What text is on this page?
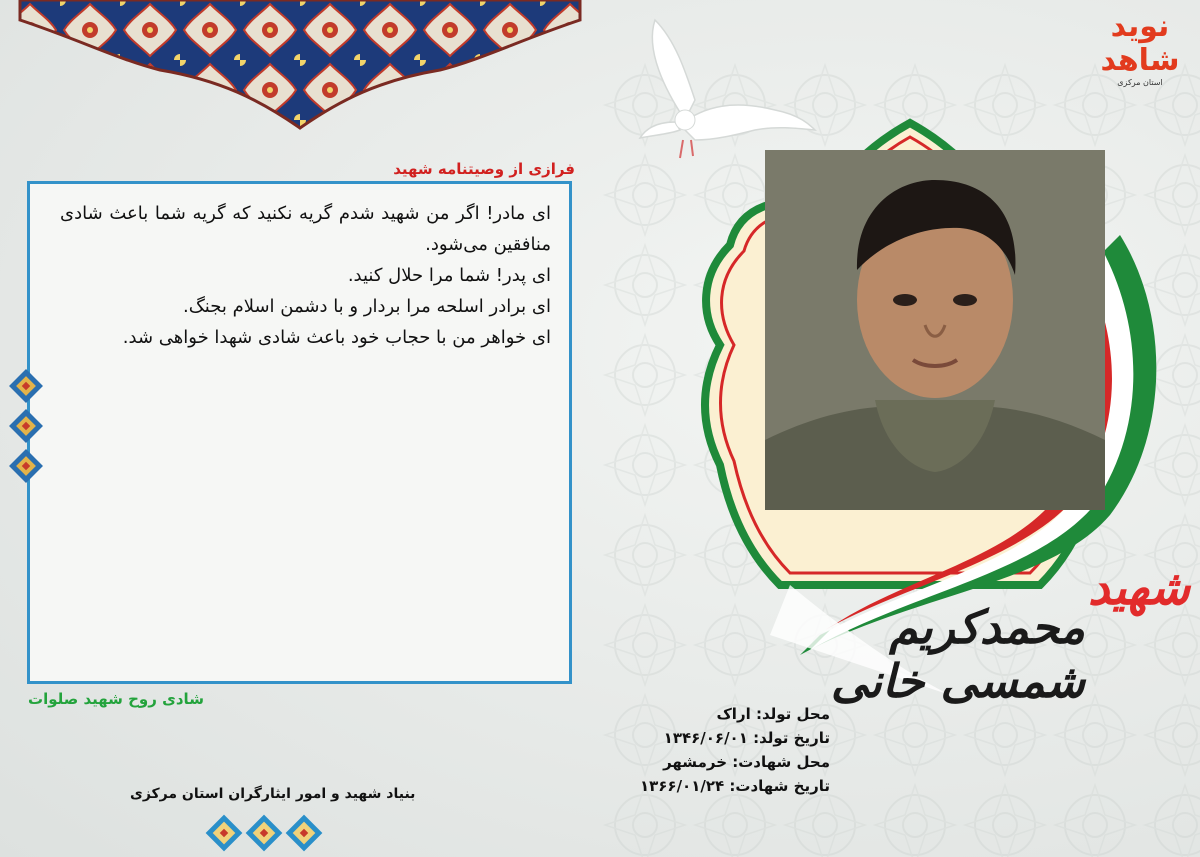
نوید شاهد
استان مرکزی
فرازی از وصیتنامه شهید

ای مادر! اگر من شهید شدم گریه نکنید که گریه شما باعث شادی منافقین می‌شود.

ای پدر! شما مرا حلال کنید.

ای برادر اسلحه مرا بردار و با دشمن اسلام بجنگ.

ای خواهر من با حجاب خود باعث شادی شهدا خواهی شد.

شادی روح شهید صلوات
بنیاد شهید و امور ایثارگران استان مرکزی
شهید
محمدکریم شمسی خانی
محل تولد: اراک
تاریخ تولد: ۱۳۴۶/۰۶/۰۱
محل شهادت: خرمشهر
تاریخ شهادت: ۱۳۶۶/۰۱/۲۴
